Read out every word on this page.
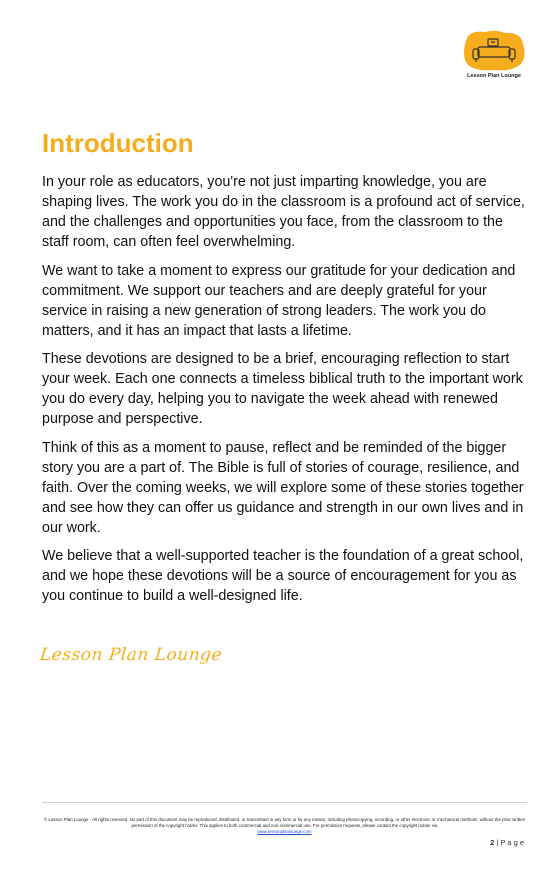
Lesson Plan Lounge
Introduction

In your role as educators, you're not just imparting knowledge, you are shaping lives. The work you do in the classroom is a profound act of service, and the challenges and opportunities you face, from the classroom to the staff room, can often feel overwhelming.

We want to take a moment to express our gratitude for your dedication and commitment. We support our teachers and are deeply grateful for your service in raising a new generation of strong leaders. The work you do matters, and it has an impact that lasts a lifetime.

These devotions are designed to be a brief, encouraging reflection to start your week. Each one connects a timeless biblical truth to the important work you do every day, helping you to navigate the week ahead with renewed purpose and perspective.

Think of this as a moment to pause, reflect and be reminded of the bigger story you are a part of. The Bible is full of stories of courage, resilience, and faith. Over the coming weeks, we will explore some of these stories together and see how they can offer us guidance and strength in our own lives and in our work.

We believe that a well-supported teacher is the foundation of a great school, and we hope these devotions will be a source of encouragement for you as you continue to build a well-designed life.

Lesson Plan Lounge
© Lesson Plan Lounge - All rights reserved. No part of this document may be reproduced, distributed, or transmitted in any form or by any means, including photocopying, recording, or other electronic or mechanical methods, without the prior written permission of the copyright holder. This applies to both commercial and non-commercial use. For permission requests, please contact the copyright holder via
www.lessonplanlounge.com
2 | P a g e
